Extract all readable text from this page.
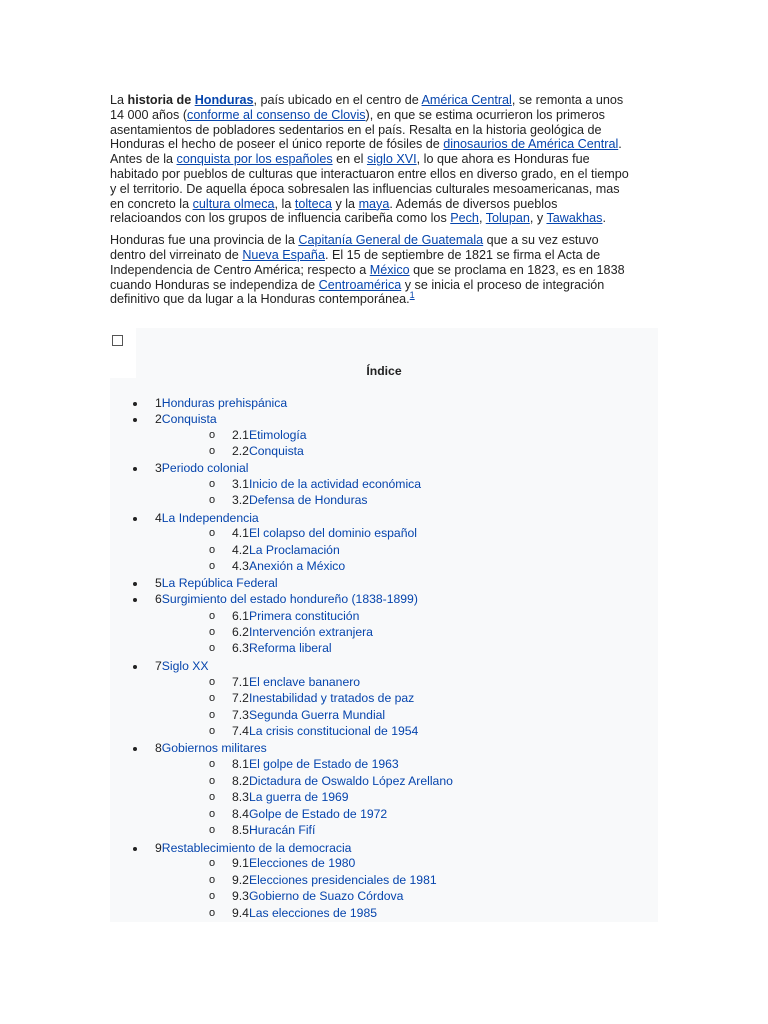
La historia de Honduras, país ubicado en el centro de América Central, se remonta a unos 14 000 años (conforme al consenso de Clovis), en que se estima ocurrieron los primeros asentamientos de pobladores sedentarios en el país. Resalta en la historia geológica de Honduras el hecho de poseer el único reporte de fósiles de dinosaurios de América Central. Antes de la conquista por los españoles en el siglo XVI, lo que ahora es Honduras fue habitado por pueblos de culturas que interactuaron entre ellos en diverso grado, en el tiempo y el territorio. De aquella época sobresalen las influencias culturales mesoamericanas, mas en concreto la cultura olmeca, la tolteca y la maya. Además de diversos pueblos relacioandos con los grupos de influencia caribeña como los Pech, Tolupan, y Tawakhas.

Honduras fue una provincia de la Capitanía General de Guatemala que a su vez estuvo dentro del virreinato de Nueva España. El 15 de septiembre de 1821 se firma el Acta de Independencia de Centro América; respecto a México que se proclama en 1823, es en 1838 cuando Honduras se independiza de Centroamérica y se inicia el proceso de integración definitivo que da lugar a la Honduras contemporánea.$^1$

Índice
1Honduras prehispánica
2Conquista
o 2.1Etimología
o 2.2Conquista
3Periodo colonial
o 3.1Inicio de la actividad económica
o 3.2Defensa de Honduras
4La Independencia
o 4.1El colapso del dominio español
o 4.2La Proclamación
o 4.3Anexión a México
5La República Federal
6Surgimiento del estado hondureño (1838-1899)
o 6.1Primera constitución
o 6.2Intervención extranjera
o 6.3Reforma liberal
7Siglo XX
o 7.1El enclave bananero
o 7.2Inestabilidad y tratados de paz
o 7.3Segunda Guerra Mundial
o 7.4La crisis constitucional de 1954
8Gobiernos militares
o 8.1El golpe de Estado de 1963
o 8.2Dictadura de Oswaldo López Arellano
o 8.3La guerra de 1969
o 8.4Golpe de Estado de 1972
o 8.5Huracán Fifí
9Restablecimiento de la democracia
o 9.1Elecciones de 1980
o 9.2Elecciones presidenciales de 1981
o 9.3Gobierno de Suazo Córdova
o 9.4Las elecciones de 1985
